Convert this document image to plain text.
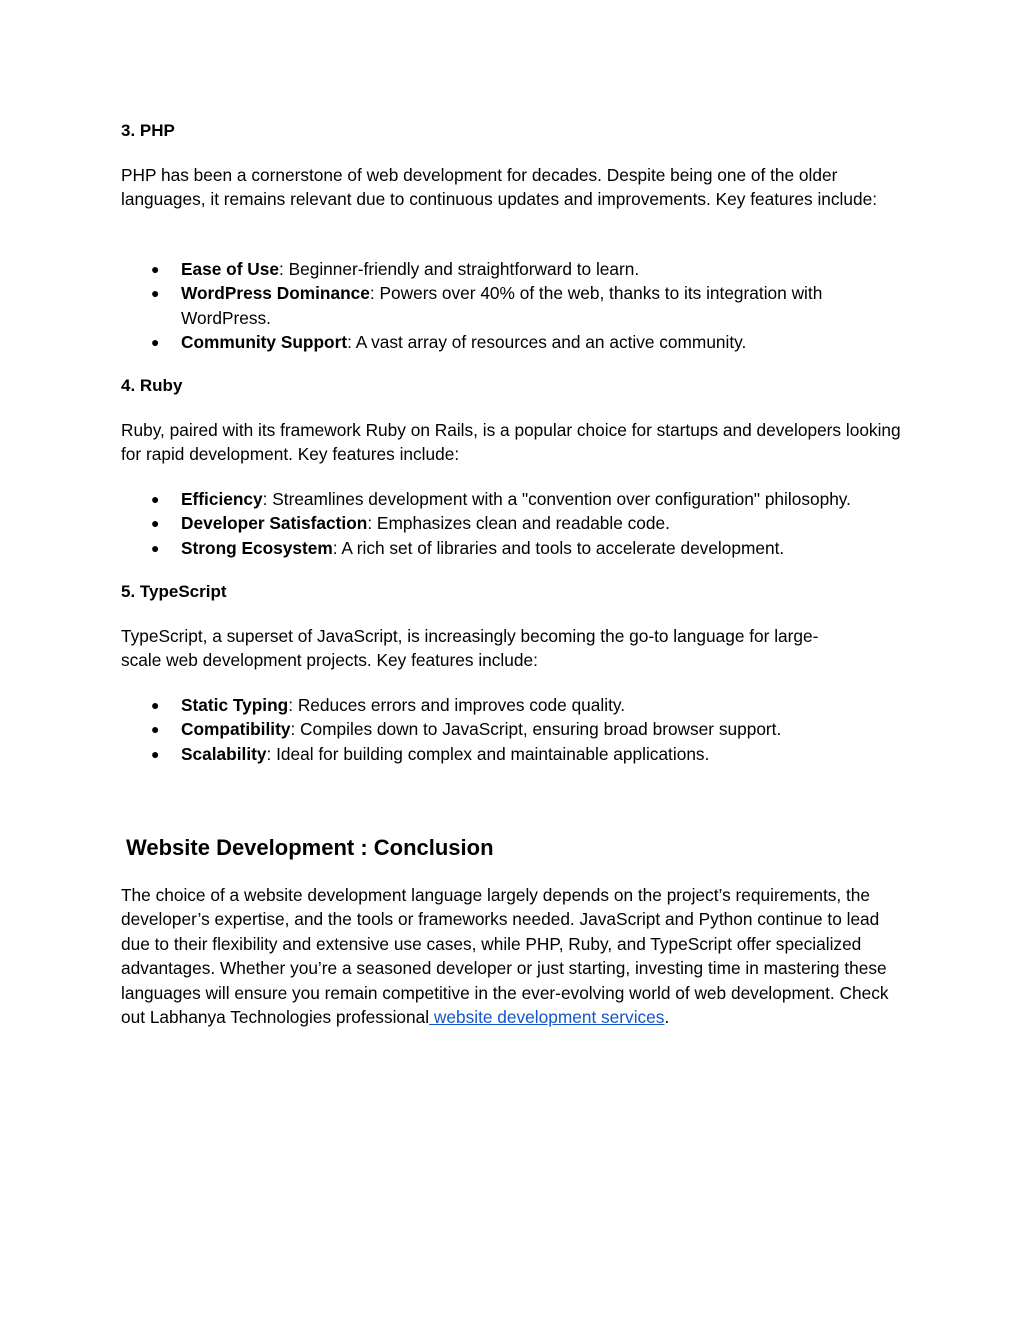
3. PHP

PHP has been a cornerstone of web development for decades. Despite being one of the older languages, it remains relevant due to continuous updates and improvements. Key features include:

● Ease of Use: Beginner-friendly and straightforward to learn.
● WordPress Dominance: Powers over 40% of the web, thanks to its integration with WordPress.
● Community Support: A vast array of resources and an active community.
4. Ruby

Ruby, paired with its framework Ruby on Rails, is a popular choice for startups and developers looking for rapid development. Key features include:

● Efficiency: Streamlines development with a "convention over configuration" philosophy.
● Developer Satisfaction: Emphasizes clean and readable code.
● Strong Ecosystem: A rich set of libraries and tools to accelerate development.
5. TypeScript

TypeScript, a superset of JavaScript, is increasingly becoming the go-to language for large-scale web development projects. Key features include:

● Static Typing: Reduces errors and improves code quality.
● Compatibility: Compiles down to JavaScript, ensuring broad browser support.
● Scalability: Ideal for building complex and maintainable applications.
Website Development : Conclusion

The choice of a website development language largely depends on the project’s requirements, the developer’s expertise, and the tools or frameworks needed. JavaScript and Python continue to lead due to their flexibility and extensive use cases, while PHP, Ruby, and TypeScript offer specialized advantages. Whether you’re a seasoned developer or just starting, investing time in mastering these languages will ensure you remain competitive in the ever-evolving world of web development. Check out Labhanya Technologies professional website development services.
